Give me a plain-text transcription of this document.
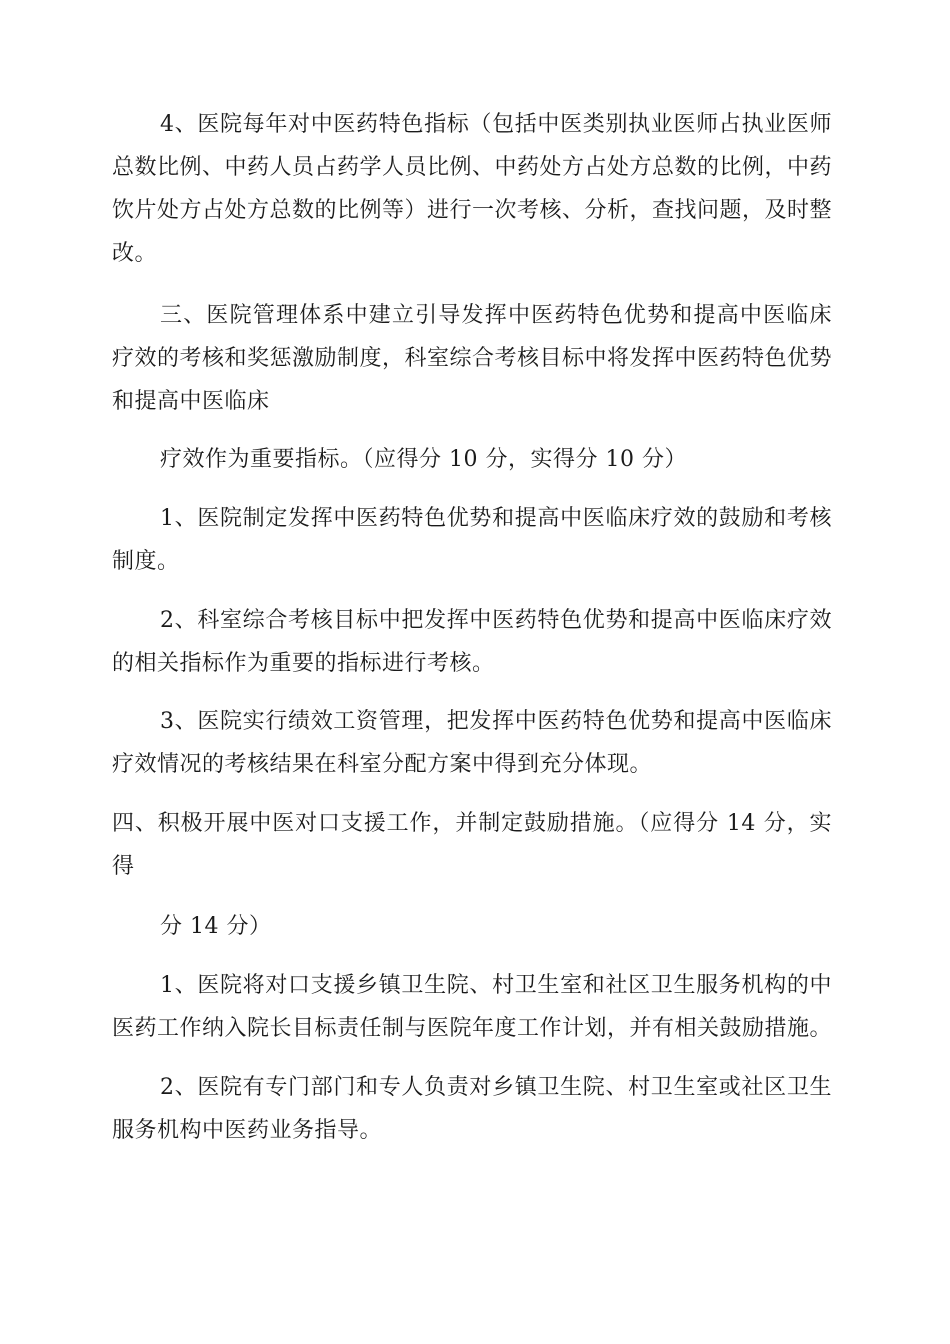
4、医院每年对中医药特色指标（包括中医类别执业医师占执业医师总数比例、中药人员占药学人员比例、中药处方占处方总数的比例，中药饮片处方占处方总数的比例等）进行一次考核、分析，查找问题，及时整改。

三、医院管理体系中建立引导发挥中医药特色优势和提高中医临床疗效的考核和奖惩激励制度，科室综合考核目标中将发挥中医药特色优势和提高中医临床

疗效作为重要指标。（应得分 10 分，实得分 10 分）

1、医院制定发挥中医药特色优势和提高中医临床疗效的鼓励和考核制度。

2、科室综合考核目标中把发挥中医药特色优势和提高中医临床疗效的相关指标作为重要的指标进行考核。

3、医院实行绩效工资管理，把发挥中医药特色优势和提高中医临床疗效情况的考核结果在科室分配方案中得到充分体现。

四、积极开展中医对口支援工作，并制定鼓励措施。（应得分 14 分，实得

分 14 分）

1、医院将对口支援乡镇卫生院、村卫生室和社区卫生服务机构的中医药工作纳入院长目标责任制与医院年度工作计划，并有相关鼓励措施。

2、医院有专门部门和专人负责对乡镇卫生院、村卫生室或社区卫生服务机构中医药业务指导。
